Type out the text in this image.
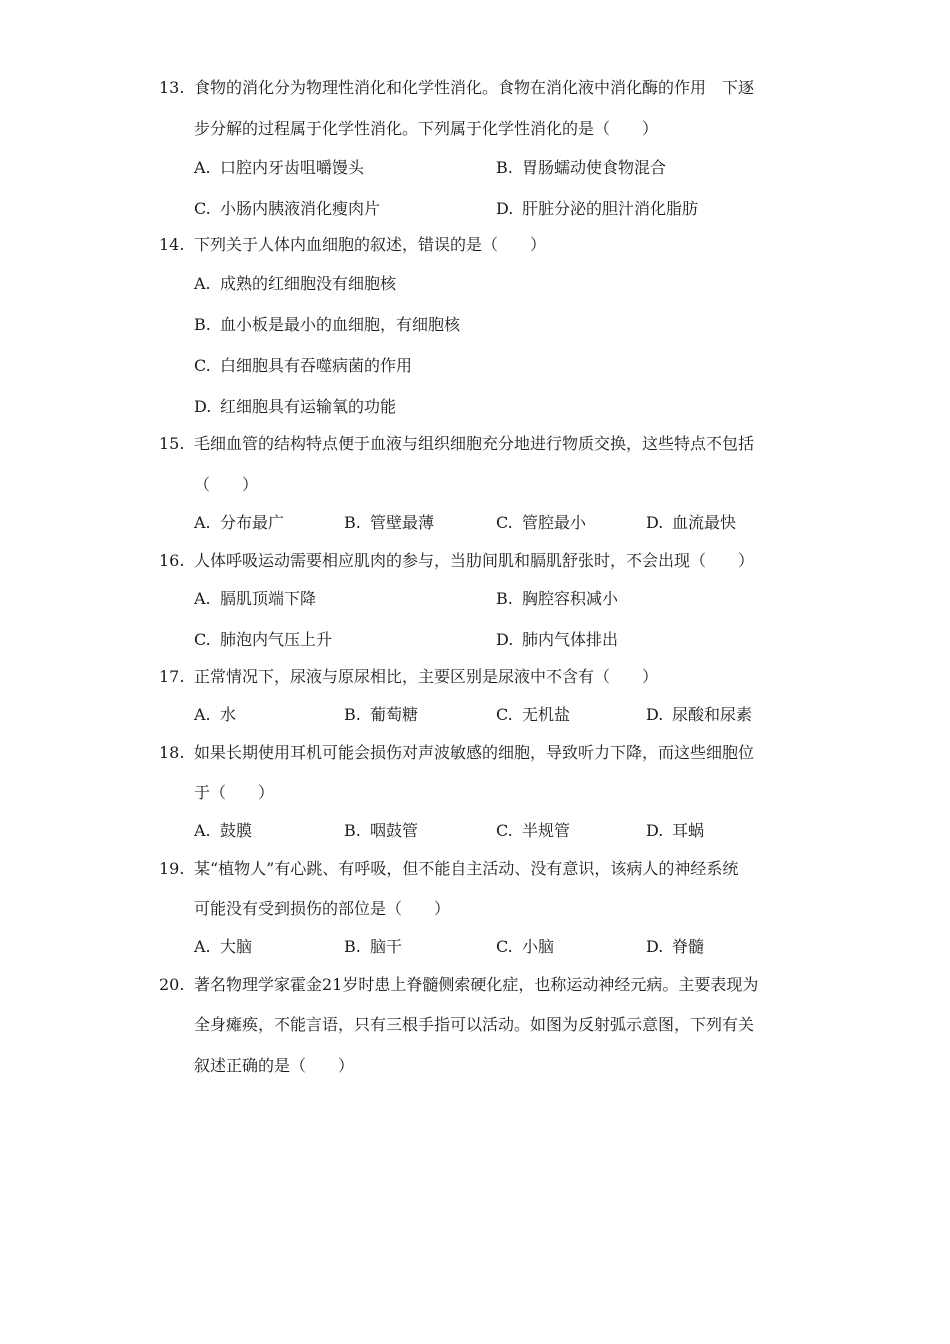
13. 食物的消化分为物理性消化和化学性消化。食物在消化液中消化酶的作用　下逐
步分解的过程属于化学性消化。下列属于化学性消化的是（　　）
A. 口腔内牙齿咀嚼馒头	B. 胃肠蠕动使食物混合
C. 小肠内胰液消化瘦肉片	D. 肝脏分泌的胆汁消化脂肪
14. 下列关于人体内血细胞的叙述，错误的是（　　）
A. 成熟的红细胞没有细胞核
B. 血小板是最小的血细胞，有细胞核
C. 白细胞具有吞噬病菌的作用
D. 红细胞具有运输氧的功能
15. 毛细血管的结构特点便于血液与组织细胞充分地进行物质交换，这些特点不包括
（　　）
A. 分布最广	B. 管壁最薄	C. 管腔最小	D. 血流最快
16. 人体呼吸运动需要相应肌肉的参与，当肋间肌和膈肌舒张时，不会出现（　　）
A. 膈肌顶端下降	B. 胸腔容积减小
C. 肺泡内气压上升	D. 肺内气体排出
17. 正常情况下，尿液与原尿相比，主要区别是尿液中不含有（　　）
A. 水	B. 葡萄糖	C. 无机盐	D. 尿酸和尿素
18. 如果长期使用耳机可能会损伤对声波敏感的细胞，导致听力下降，而这些细胞位
于（　　）
A. 鼓膜	B. 咽鼓管	C. 半规管	D. 耳蜗
19. 某“植物人”有心跳、有呼吸，但不能自主活动、没有意识，该病人的神经系统
可能没有受到损伤的部位是（　　）
A. 大脑	B. 脑干	C. 小脑	D. 脊髓
20. 著名物理学家霍金21岁时患上脊髓侧索硬化症，也称运动神经元病。主要表现为
全身瘫痪，不能言语，只有三根手指可以活动。如图为反射弧示意图，下列有关
叙述正确的是（　　）
